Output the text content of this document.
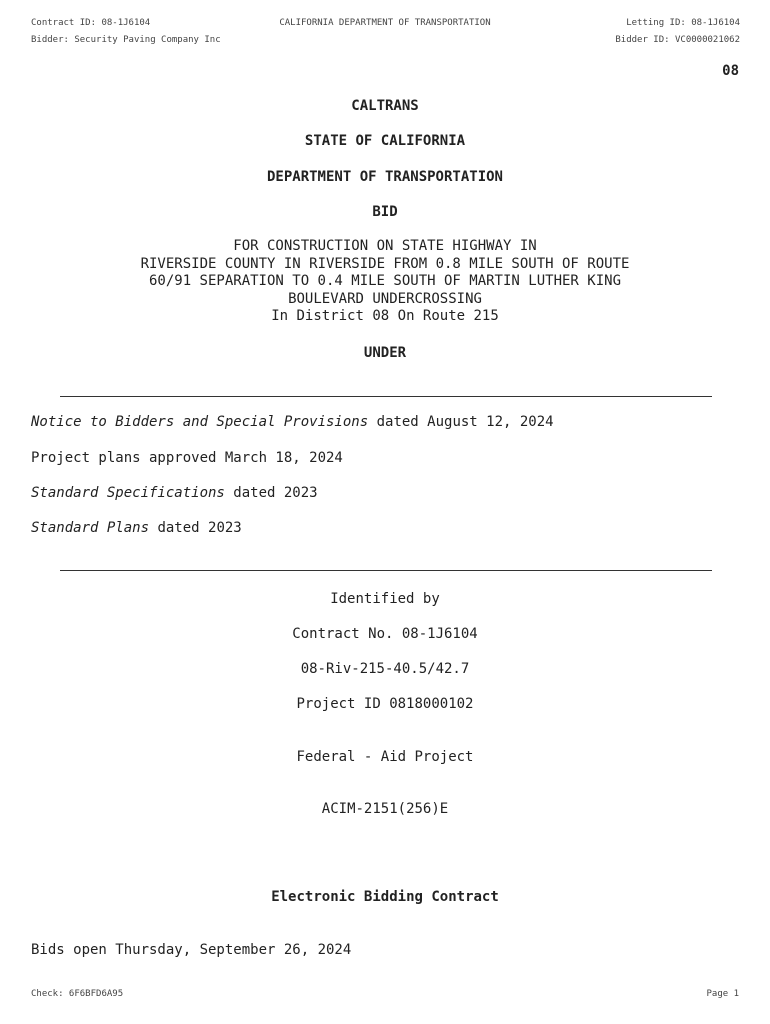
Contract ID: 08-1J6104	CALIFORNIA DEPARTMENT OF TRANSPORTATION	Letting ID: 08-1J6104
Bidder: Security Paving Company Inc	Bidder ID: VC0000021062
08
CALTRANS
STATE OF CALIFORNIA
DEPARTMENT OF TRANSPORTATION
BID
FOR CONSTRUCTION ON STATE HIGHWAY IN
RIVERSIDE COUNTY IN RIVERSIDE FROM 0.8 MILE SOUTH OF ROUTE
60/91 SEPARATION TO 0.4 MILE SOUTH OF MARTIN LUTHER KING
BOULEVARD UNDERCROSSING
In District 08 On Route 215
UNDER
Notice to Bidders and Special Provisions dated August 12, 2024
Project plans approved March 18, 2024
Standard Specifications dated 2023
Standard Plans dated 2023
Identified by
Contract No. 08-1J6104
08-Riv-215-40.5/42.7
Project ID 0818000102
Federal - Aid Project
ACIM-2151(256)E
Electronic Bidding Contract
Bids open Thursday, September 26, 2024
Check: 6F6BFD6A95	Page 1
